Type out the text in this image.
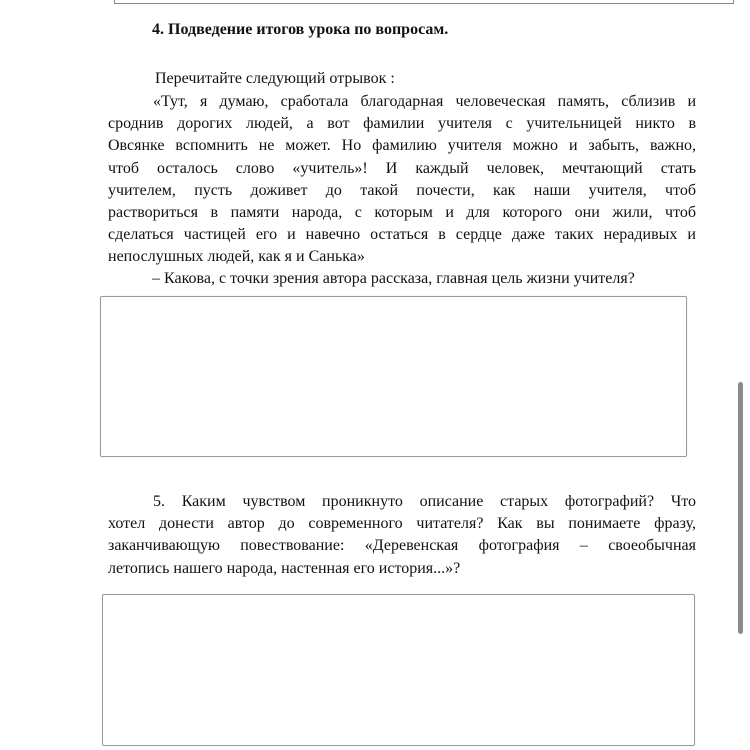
4. Подведение итогов урока по вопросам.
Перечитайте следующий отрывок :
«Тут, я думаю, сработала благодарная человеческая память, сблизив и
сроднив дорогих людей, а вот фамилии учителя с учительницей никто в
Овсянке вспомнить не может. Но фамилию учителя можно и забыть, важно,
чтоб осталось слово «учитель»! И каждый человек, мечтающий стать
учителем, пусть доживет до такой почести, как наши учителя, чтоб
раствориться в памяти народа, с которым и для которого они жили, чтоб
сделаться частицей его и навечно остаться в сердце даже таких нерадивых и
непослушных людей, как я и Санька»
– Какова, с точки зрения автора рассказа, главная цель жизни учителя?
5. Каким чувством проникнуто описание старых фотографий? Что
хотел донести автор до современного читателя? Как вы понимаете фразу,
заканчивающую повествование: «Деревенская фотография – своеобычная
летопись нашего народа, настенная его история...»?
